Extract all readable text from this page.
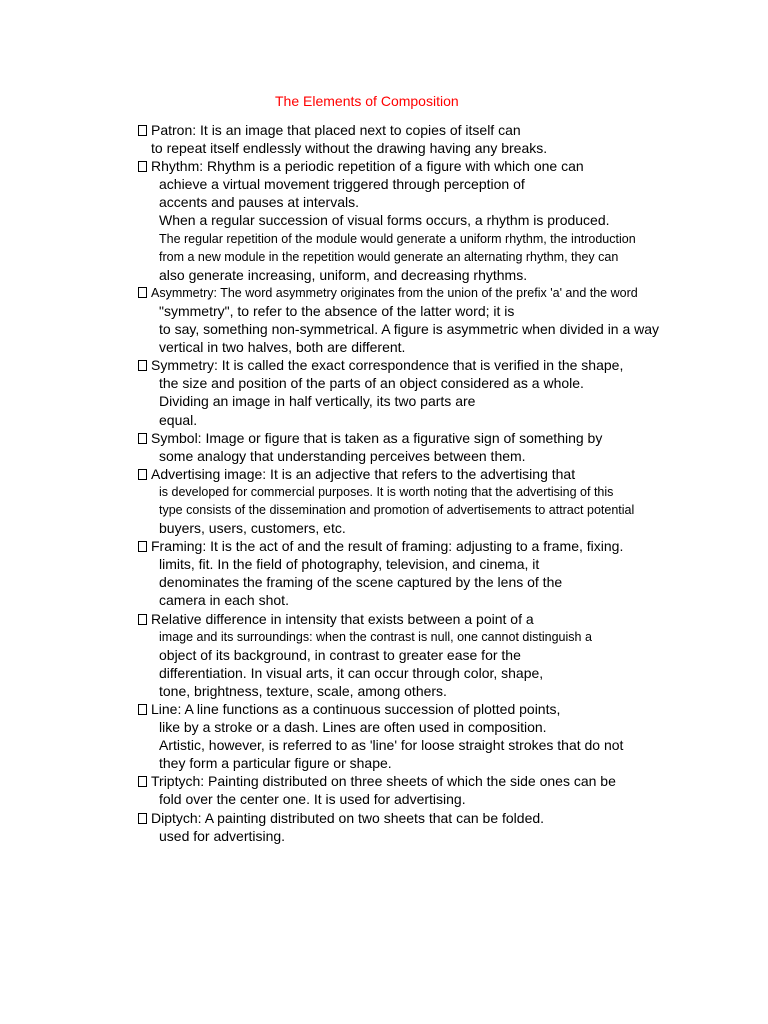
The Elements of Composition
Patron: It is an image that placed next to copies of itself can
to repeat itself endlessly without the drawing having any breaks.
Rhythm: Rhythm is a periodic repetition of a figure with which one can
achieve a virtual movement triggered through perception of
accents and pauses at intervals.
When a regular succession of visual forms occurs, a rhythm is produced.
The regular repetition of the module would generate a uniform rhythm, the introduction
from a new module in the repetition would generate an alternating rhythm, they can
also generate increasing, uniform, and decreasing rhythms.
Asymmetry: The word asymmetry originates from the union of the prefix 'a' and the word
"symmetry", to refer to the absence of the latter word; it is
to say, something non-symmetrical. A figure is asymmetric when divided in a way
vertical in two halves, both are different.
Symmetry: It is called the exact correspondence that is verified in the shape,
the size and position of the parts of an object considered as a whole.
Dividing an image in half vertically, its two parts are
equal.
Symbol: Image or figure that is taken as a figurative sign of something by
some analogy that understanding perceives between them.
Advertising image: It is an adjective that refers to the advertising that
is developed for commercial purposes. It is worth noting that the advertising of this
type consists of the dissemination and promotion of advertisements to attract potential
buyers, users, customers, etc.
Framing: It is the act of and the result of framing: adjusting to a frame, fixing.
limits, fit. In the field of photography, television, and cinema, it
denominates the framing of the scene captured by the lens of the
camera in each shot.
Relative difference in intensity that exists between a point of a
image and its surroundings: when the contrast is null, one cannot distinguish a
object of its background, in contrast to greater ease for the
differentiation. In visual arts, it can occur through color, shape,
tone, brightness, texture, scale, among others.
Line: A line functions as a continuous succession of plotted points,
like by a stroke or a dash. Lines are often used in composition.
Artistic, however, is referred to as 'line' for loose straight strokes that do not
they form a particular figure or shape.
Triptych: Painting distributed on three sheets of which the side ones can be
fold over the center one. It is used for advertising.
Diptych: A painting distributed on two sheets that can be folded.
used for advertising.
